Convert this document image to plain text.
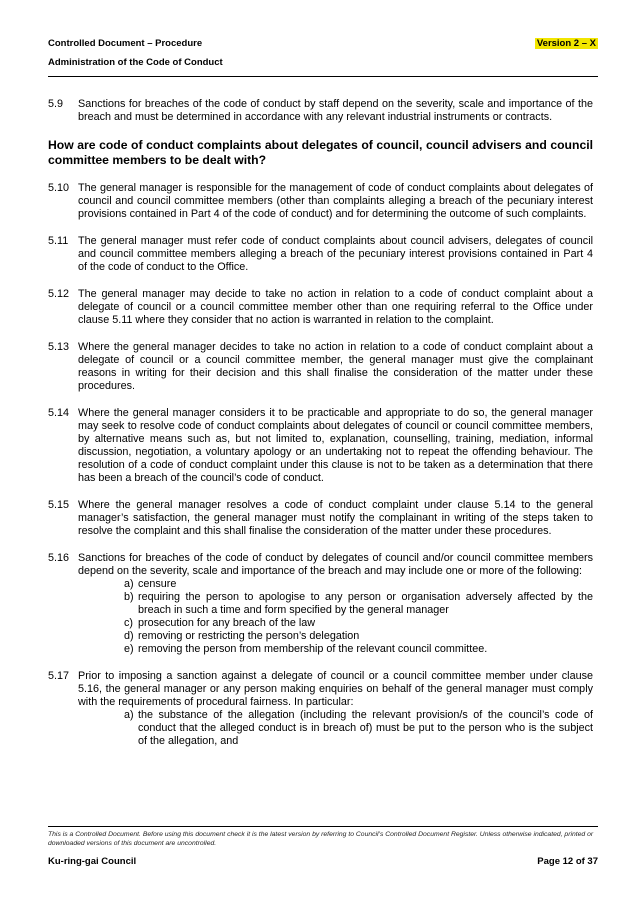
Controlled Document – Procedure	Version 2 – X
Administration of the Code of Conduct
5.9	Sanctions for breaches of the code of conduct by staff depend on the severity, scale and importance of the breach and must be determined in accordance with any relevant industrial instruments or contracts.
How are code of conduct complaints about delegates of council, council advisers and council committee members to be dealt with?
5.10 The general manager is responsible for the management of code of conduct complaints about delegates of council and council committee members (other than complaints alleging a breach of the pecuniary interest provisions contained in Part 4 of the code of conduct) and for determining the outcome of such complaints.
5.11 The general manager must refer code of conduct complaints about council advisers, delegates of council and council committee members alleging a breach of the pecuniary interest provisions contained in Part 4 of the code of conduct to the Office.
5.12 The general manager may decide to take no action in relation to a code of conduct complaint about a delegate of council or a council committee member other than one requiring referral to the Office under clause 5.11 where they consider that no action is warranted in relation to the complaint.
5.13 Where the general manager decides to take no action in relation to a code of conduct complaint about a delegate of council or a council committee member, the general manager must give the complainant reasons in writing for their decision and this shall finalise the consideration of the matter under these procedures.
5.14 Where the general manager considers it to be practicable and appropriate to do so, the general manager may seek to resolve code of conduct complaints about delegates of council or council committee members, by alternative means such as, but not limited to, explanation, counselling, training, mediation, informal discussion, negotiation, a voluntary apology or an undertaking not to repeat the offending behaviour. The resolution of a code of conduct complaint under this clause is not to be taken as a determination that there has been a breach of the council’s code of conduct.
5.15 Where the general manager resolves a code of conduct complaint under clause 5.14 to the general manager’s satisfaction, the general manager must notify the complainant in writing of the steps taken to resolve the complaint and this shall finalise the consideration of the matter under these procedures.
5.16 Sanctions for breaches of the code of conduct by delegates of council and/or council committee members depend on the severity, scale and importance of the breach and may include one or more of the following:
a) censure
b) requiring the person to apologise to any person or organisation adversely affected by the breach in such a time and form specified by the general manager
c) prosecution for any breach of the law
d) removing or restricting the person’s delegation
e) removing the person from membership of the relevant council committee.
5.17 Prior to imposing a sanction against a delegate of council or a council committee member under clause 5.16, the general manager or any person making enquiries on behalf of the general manager must comply with the requirements of procedural fairness. In particular:
a) the substance of the allegation (including the relevant provision/s of the council’s code of conduct that the alleged conduct is in breach of) must be put to the person who is the subject of the allegation, and
This is a Controlled Document. Before using this document check it is the latest version by referring to Council’s Controlled Document Register. Unless otherwise indicated, printed or downloaded versions of this document are uncontrolled.
Ku-ring-gai Council	Page 12 of 37
